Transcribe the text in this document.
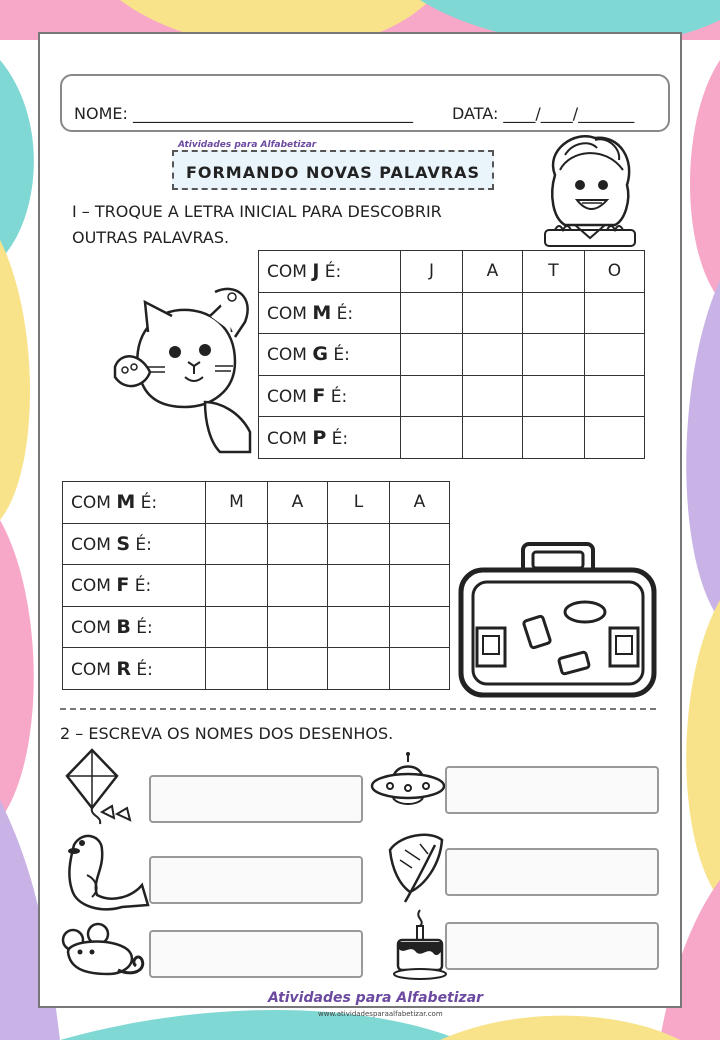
NOME: ___________________________________ DATA: ____/____/_______
Atividades para Alfabetizar
FORMANDO NOVAS PALAVRAS
I – TROQUE A LETRA INICIAL PARA DESCOBRIR
OUTRAS PALAVRAS.
COM J É:	J	A	T	O
COM M É:				
COM G É:				
COM F É:				
COM P É:				
COM M É:	M	A	L	A
COM S É:				
COM F É:				
COM B É:				
COM R É:				
2 – ESCREVA OS NOMES DOS DESENHOS.
Atividades para Alfabetizar
www.atividadesparaalfabetizar.com
